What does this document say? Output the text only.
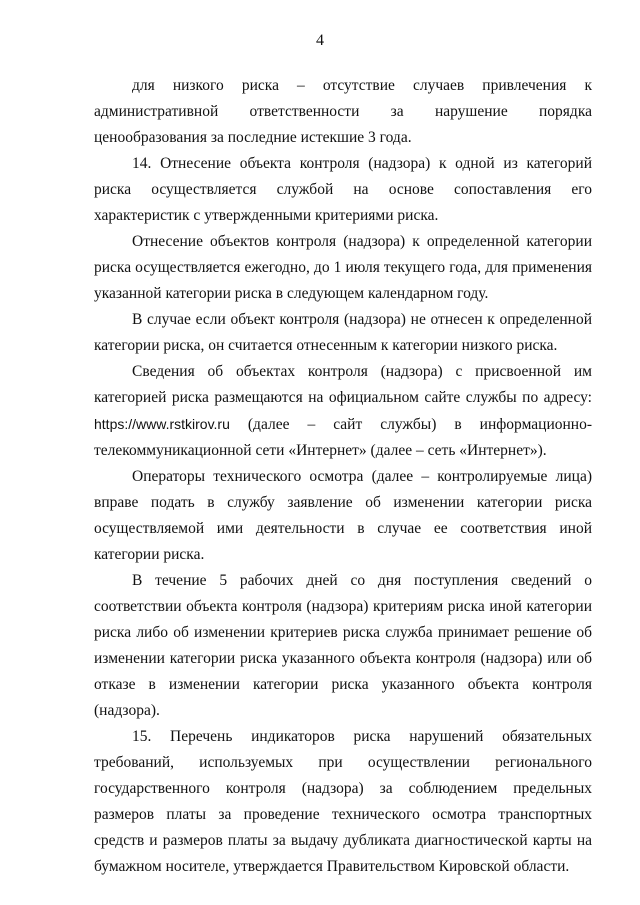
4

для низкого риска – отсутствие случаев привлечения к административной ответственности за нарушение порядка ценообразования за последние истекшие 3 года.

14. Отнесение объекта контроля (надзора) к одной из категорий риска осуществляется службой на основе сопоставления его характеристик с утвержденными критериями риска.

Отнесение объектов контроля (надзора) к определенной категории риска осуществляется ежегодно, до 1 июля текущего года, для применения указанной категории риска в следующем календарном году.

В случае если объект контроля (надзора) не отнесен к определенной категории риска, он считается отнесенным к категории низкого риска.

Сведения об объектах контроля (надзора) с присвоенной им категорией риска размещаются на официальном сайте службы по адресу: https://www.rstkirov.ru (далее – сайт службы) в информационно-телекоммуникационной сети «Интернет» (далее – сеть «Интернет»).

Операторы технического осмотра (далее – контролируемые лица) вправе подать в службу заявление об изменении категории риска осуществляемой ими деятельности в случае ее соответствия иной категории риска.

В течение 5 рабочих дней со дня поступления сведений о соответствии объекта контроля (надзора) критериям риска иной категории риска либо об изменении критериев риска служба принимает решение об изменении категории риска указанного объекта контроля (надзора) или об отказе в изменении категории риска указанного объекта контроля (надзора).

15. Перечень индикаторов риска нарушений обязательных требований, используемых при осуществлении регионального государственного контроля (надзора) за соблюдением предельных размеров платы за проведение технического осмотра транспортных средств и размеров платы за выдачу дубликата диагностической карты на бумажном носителе, утверждается Правительством Кировской области.
